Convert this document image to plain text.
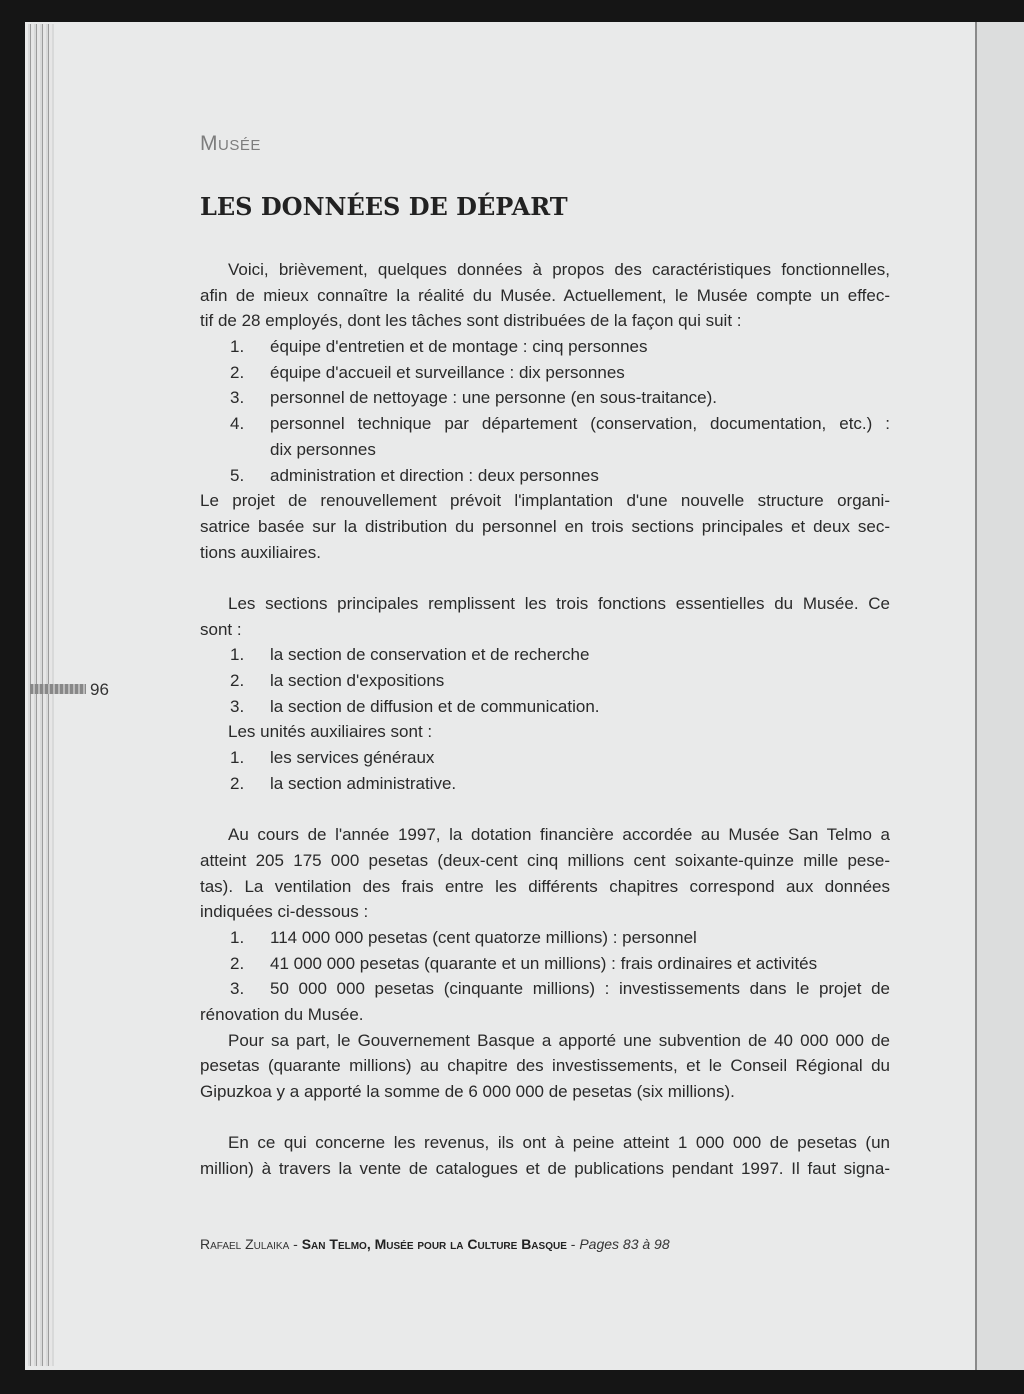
Musée
LES DONNÉES DE DÉPART
Voici, brièvement, quelques données à propos des caractéristiques fonctionnelles,
afin de mieux connaître la réalité du Musée. Actuellement, le Musée compte un effec-
tif de 28 employés, dont les tâches sont distribuées de la façon qui suit :
1. équipe d'entretien et de montage : cinq personnes
2. équipe d'accueil et surveillance : dix personnes
3. personnel de nettoyage : une personne (en sous-traitance).
4. personnel technique par département (conservation, documentation, etc.) :
dix personnes
5. administration et direction : deux personnes
Le projet de renouvellement prévoit l'implantation d'une nouvelle structure organi-
satrice basée sur la distribution du personnel en trois sections principales et deux sec-
tions auxiliaires.
Les sections principales remplissent les trois fonctions essentielles du Musée. Ce
sont :
1. la section de conservation et de recherche
2. la section d'expositions
3. la section de diffusion et de communication.
Les unités auxiliaires sont :
1. les services généraux
2. la section administrative.
Au cours de l'année 1997, la dotation financière accordée au Musée San Telmo a
atteint 205 175 000 pesetas (deux-cent cinq millions cent soixante-quinze mille pese-
tas). La ventilation des frais entre les différents chapitres correspond aux données
indiquées ci-dessous :
1. 114 000 000 pesetas (cent quatorze millions) : personnel
2. 41 000 000 pesetas (quarante et un millions) : frais ordinaires et activités
3. 50 000 000 pesetas (cinquante millions) : investissements dans le projet de
rénovation du Musée.
Pour sa part, le Gouvernement Basque a apporté une subvention de 40 000 000 de
pesetas (quarante millions) au chapitre des investissements, et le Conseil Régional du
Gipuzkoa y a apporté la somme de 6 000 000 de pesetas (six millions).
En ce qui concerne les revenus, ils ont à peine atteint 1 000 000 de pesetas (un
million) à travers la vente de catalogues et de publications pendant 1997. Il faut signa-
96
Rafael Zulaika - San Telmo, Musée pour la Culture Basque - Pages 83 à 98
